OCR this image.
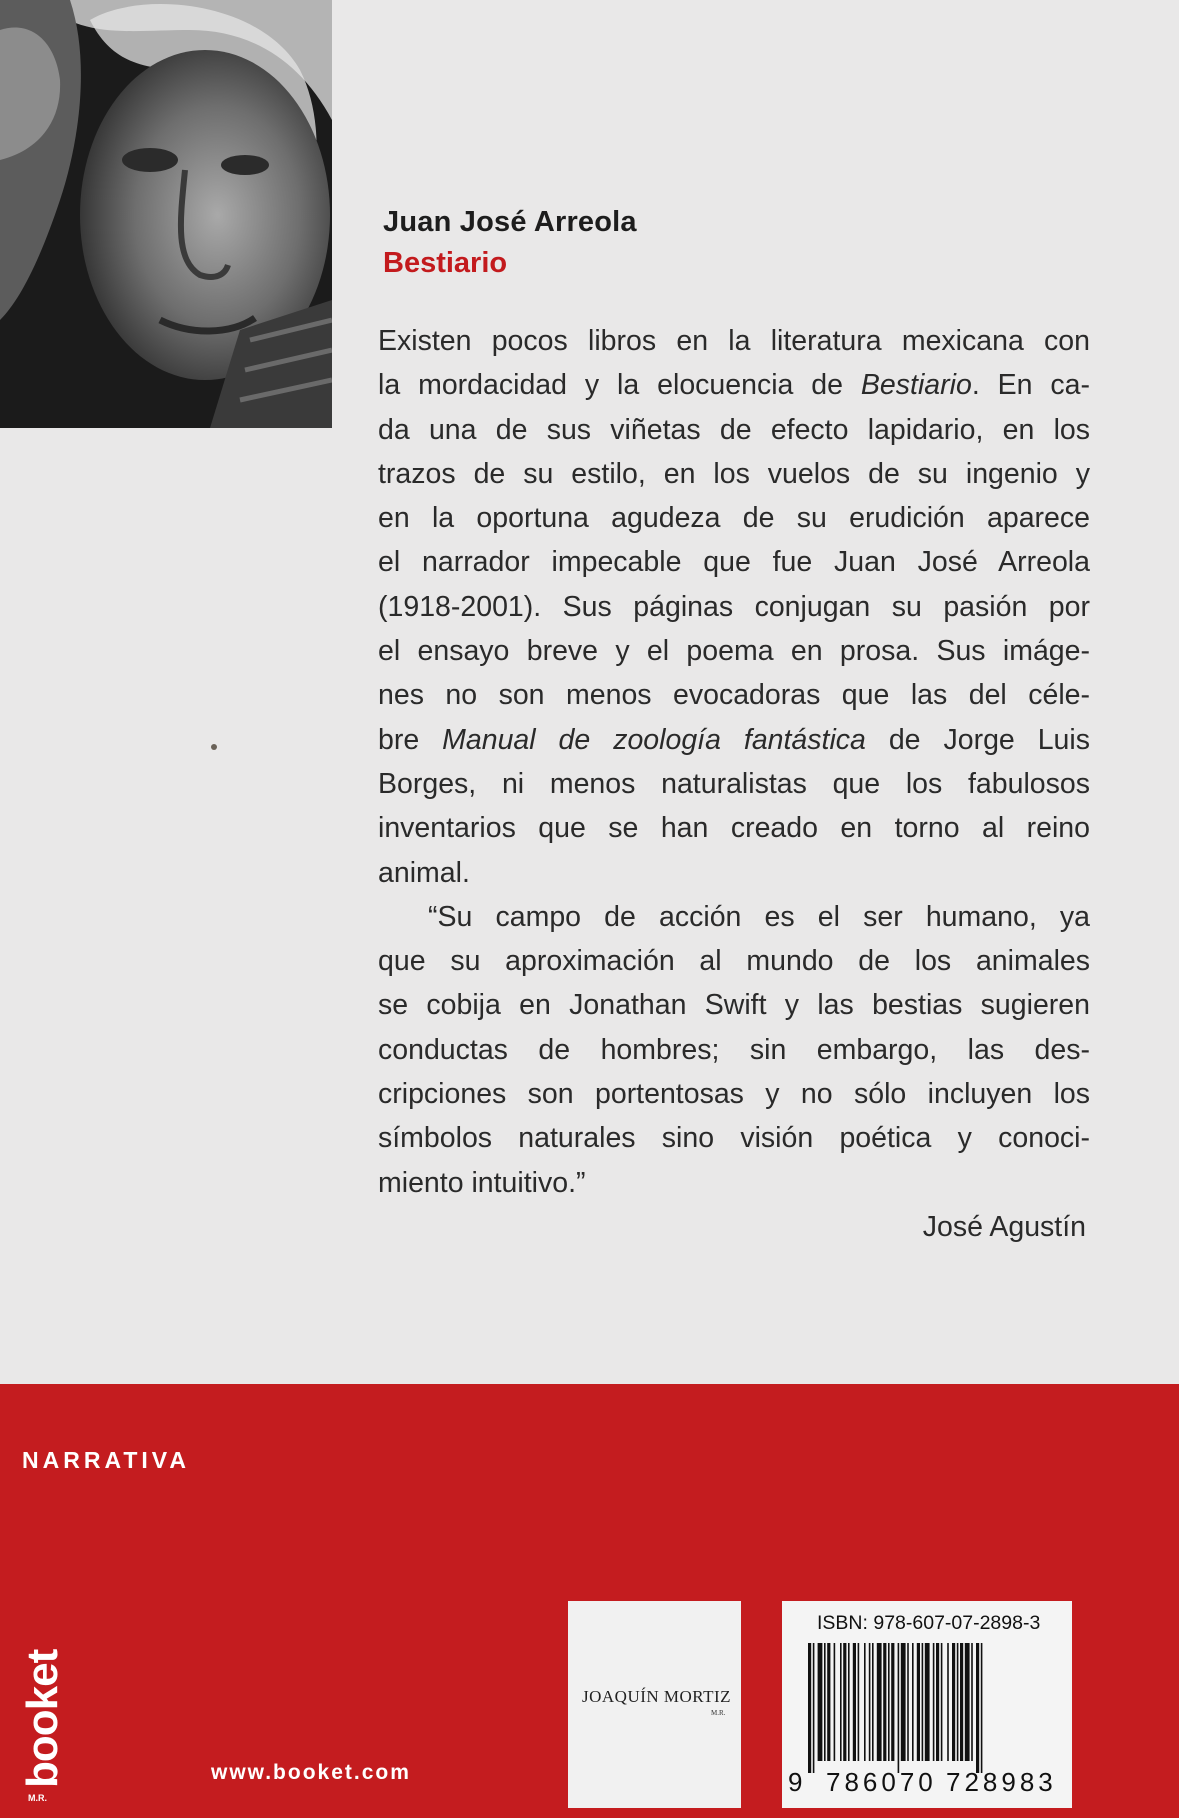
Juan José Arreola
Bestiario
Existen pocos libros en la literatura mexicana con
la mordacidad y la elocuencia de Bestiario. En ca-
da una de sus viñetas de efecto lapidario, en los
trazos de su estilo, en los vuelos de su ingenio y
en la oportuna agudeza de su erudición aparece
el narrador impecable que fue Juan José Arreola
(1918-2001). Sus páginas conjugan su pasión por
el ensayo breve y el poema en prosa. Sus imáge-
nes no son menos evocadoras que las del céle-
bre Manual de zoología fantástica de Jorge Luis
Borges, ni menos naturalistas que los fabulosos
inventarios que se han creado en torno al reino
animal.
“Su campo de acción es el ser humano, ya
que su aproximación al mundo de los animales
se cobija en Jonathan Swift y las bestias sugieren
conductas de hombres; sin embargo, las des-
cripciones son portentosas y no sólo incluyen los
símbolos naturales sino visión poética y conoci-
miento intuitivo.”
José Agustín
NARRATIVA
booket
M.R.
www.booket.com
JOAQUÍN MORTIZ
M.R.
ISBN: 978-607-07-2898-3
9 786070 728983
